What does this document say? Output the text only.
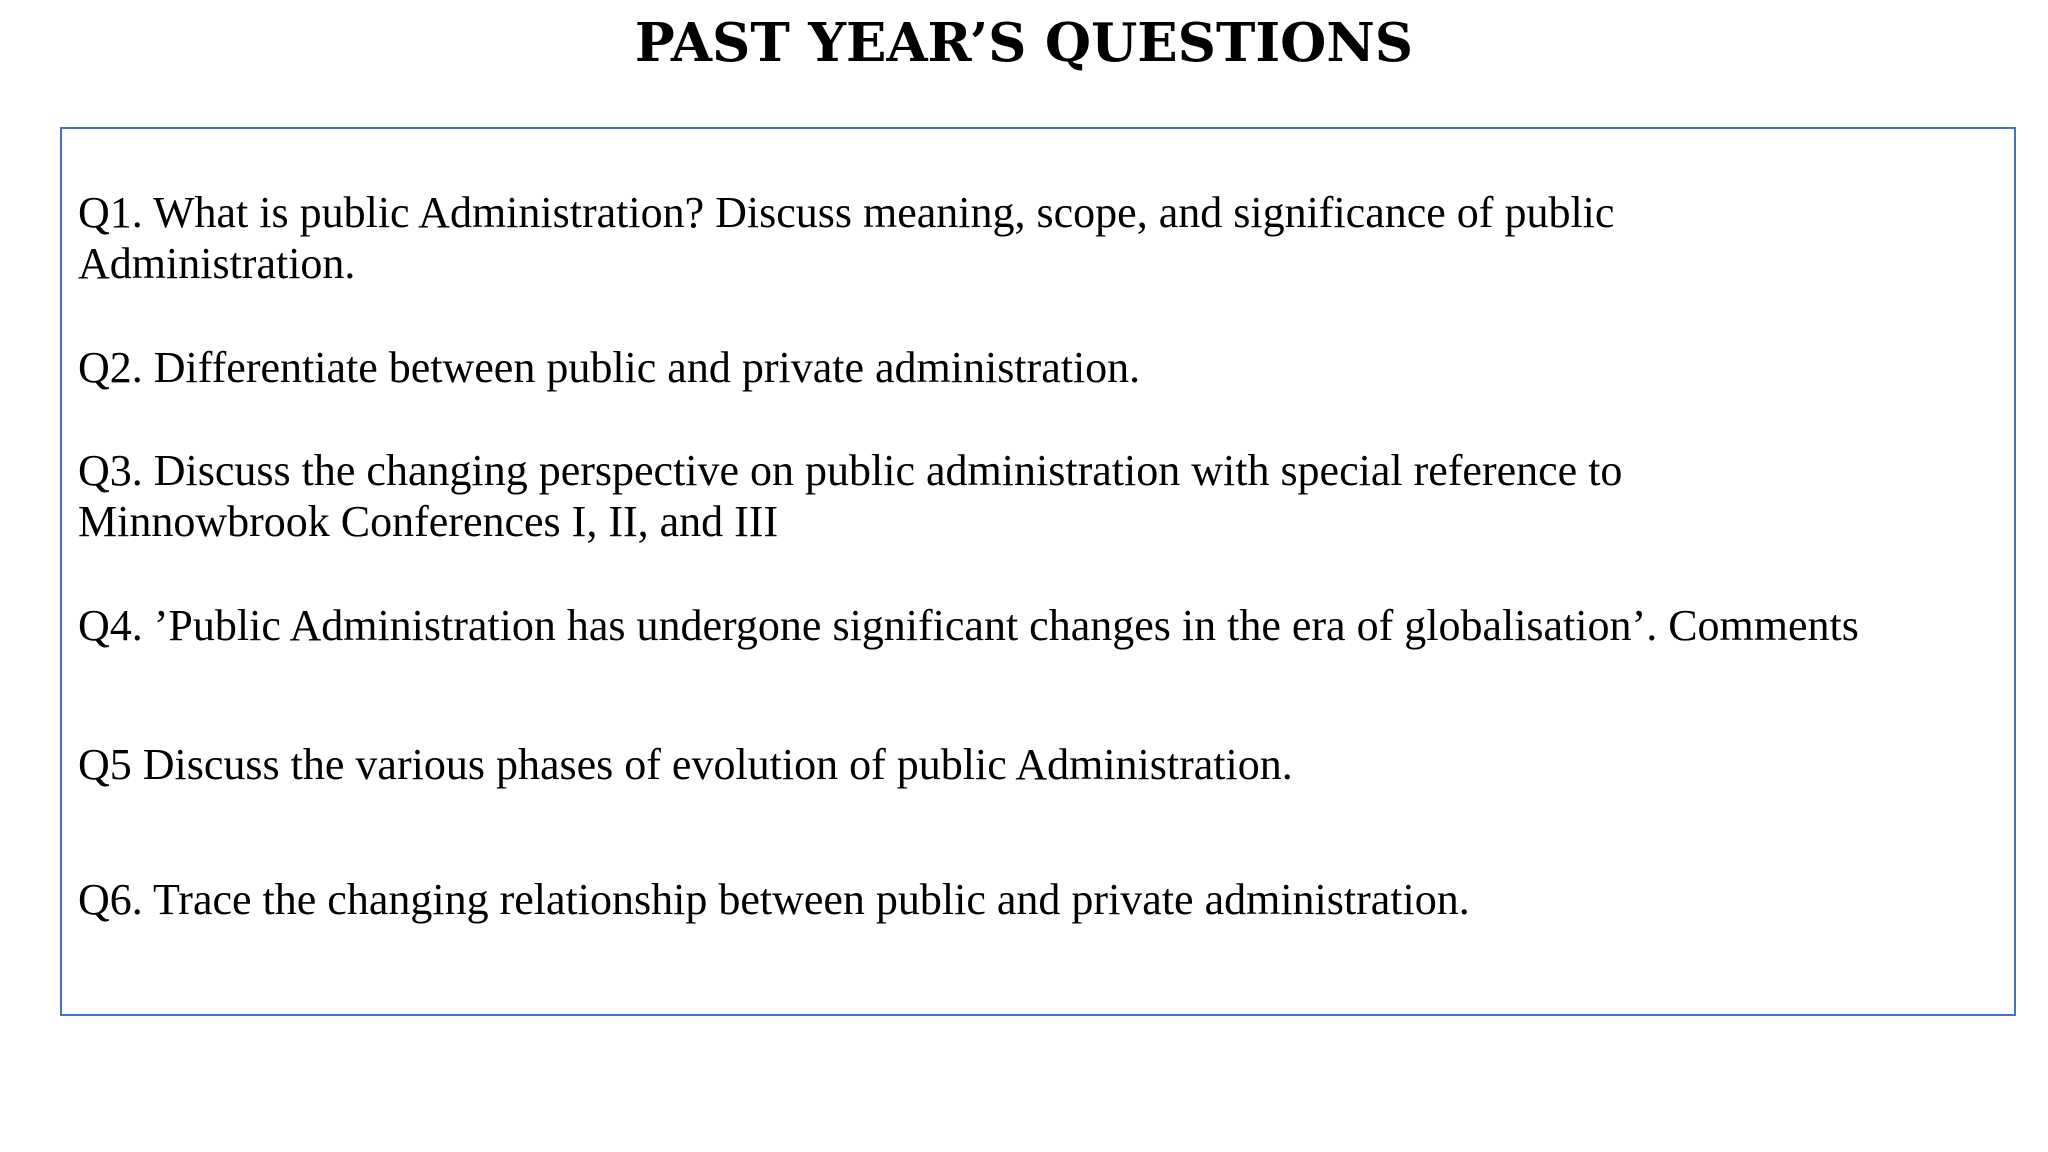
PAST YEAR’S QUESTIONS

Q1. What is public Administration? Discuss meaning, scope, and significance of public Administration.

Q2. Differentiate between public and private administration.

Q3. Discuss the changing perspective on public administration with special reference to Minnowbrook Conferences I, II, and III

Q4. ’Public Administration has undergone significant changes in the era of globalisation’. Comments

Q5 Discuss the various phases of evolution of public Administration.

Q6. Trace the changing relationship between public and private administration.
